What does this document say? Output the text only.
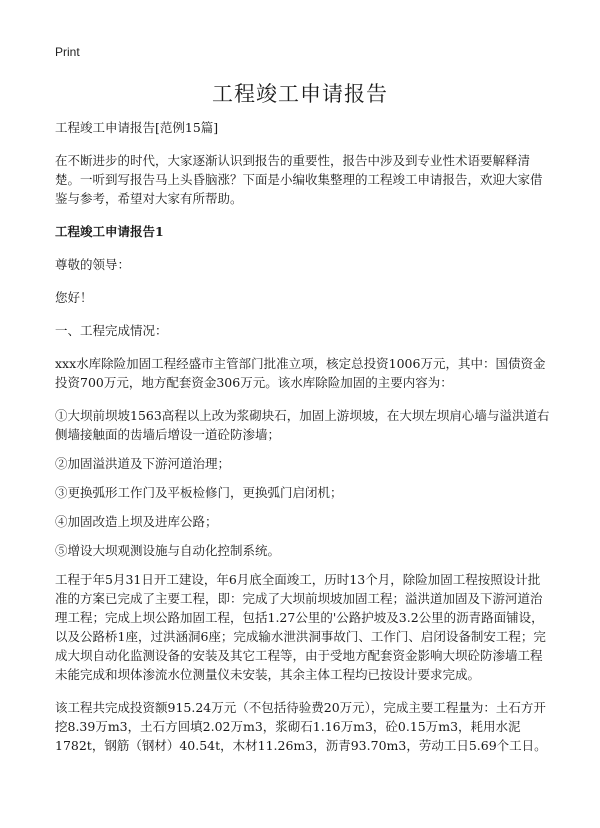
Print
工程竣工申请报告

工程竣工申请报告[范例15篇]

在不断进步的时代，大家逐渐认识到报告的重要性，报告中涉及到专业性术语要解释清楚。一听到写报告马上头昏脑涨？下面是小编收集整理的工程竣工申请报告，欢迎大家借鉴与参考，希望对大家有所帮助。

工程竣工申请报告1

尊敬的领导：

您好！

一、工程完成情况：

xxx水库除险加固工程经盛市主管部门批准立项，核定总投资1006万元，其中：国债资金投资700万元，地方配套资金306万元。该水库除险加固的主要内容为：

①大坝前坝坡1563高程以上改为浆砌块石，加固上游坝坡，在大坝左坝肩心墙与溢洪道右侧墙接触面的齿墙后增设一道砼防渗墙；

②加固溢洪道及下游河道治理；

③更换弧形工作门及平板检修门，更换弧门启闭机；

④加固改造上坝及进库公路；

⑤增设大坝观测设施与自动化控制系统。

工程于年5月31日开工建设，年6月底全面竣工，历时13个月，除险加固工程按照设计批准的方案已完成了主要工程，即：完成了大坝前坝坡加固工程；溢洪道加固及下游河道治理工程；完成上坝公路加固工程，包括1.27公里的'公路护坡及3.2公里的沥青路面铺设，以及公路桥1座，过洪涵洞6座；完成输水泄洪洞事故门、工作门、启闭设备制安工程；完成大坝自动化监测设备的安装及其它工程等，由于受地方配套资金影响大坝砼防渗墙工程未能完成和坝体渗流水位测量仪未安装，其余主体工程均已按设计要求完成。

该工程共完成投资额915.24万元（不包括待验费20万元），完成主要工程量为：土石方开挖8.39万m3，土石方回填2.02万m3，浆砌石1.16万m3，砼0.15万m3，耗用水泥1782t，钢筋（钢材）40.54t，木材11.26m3，沥青93.70m3，劳动工日5.69个工日。
